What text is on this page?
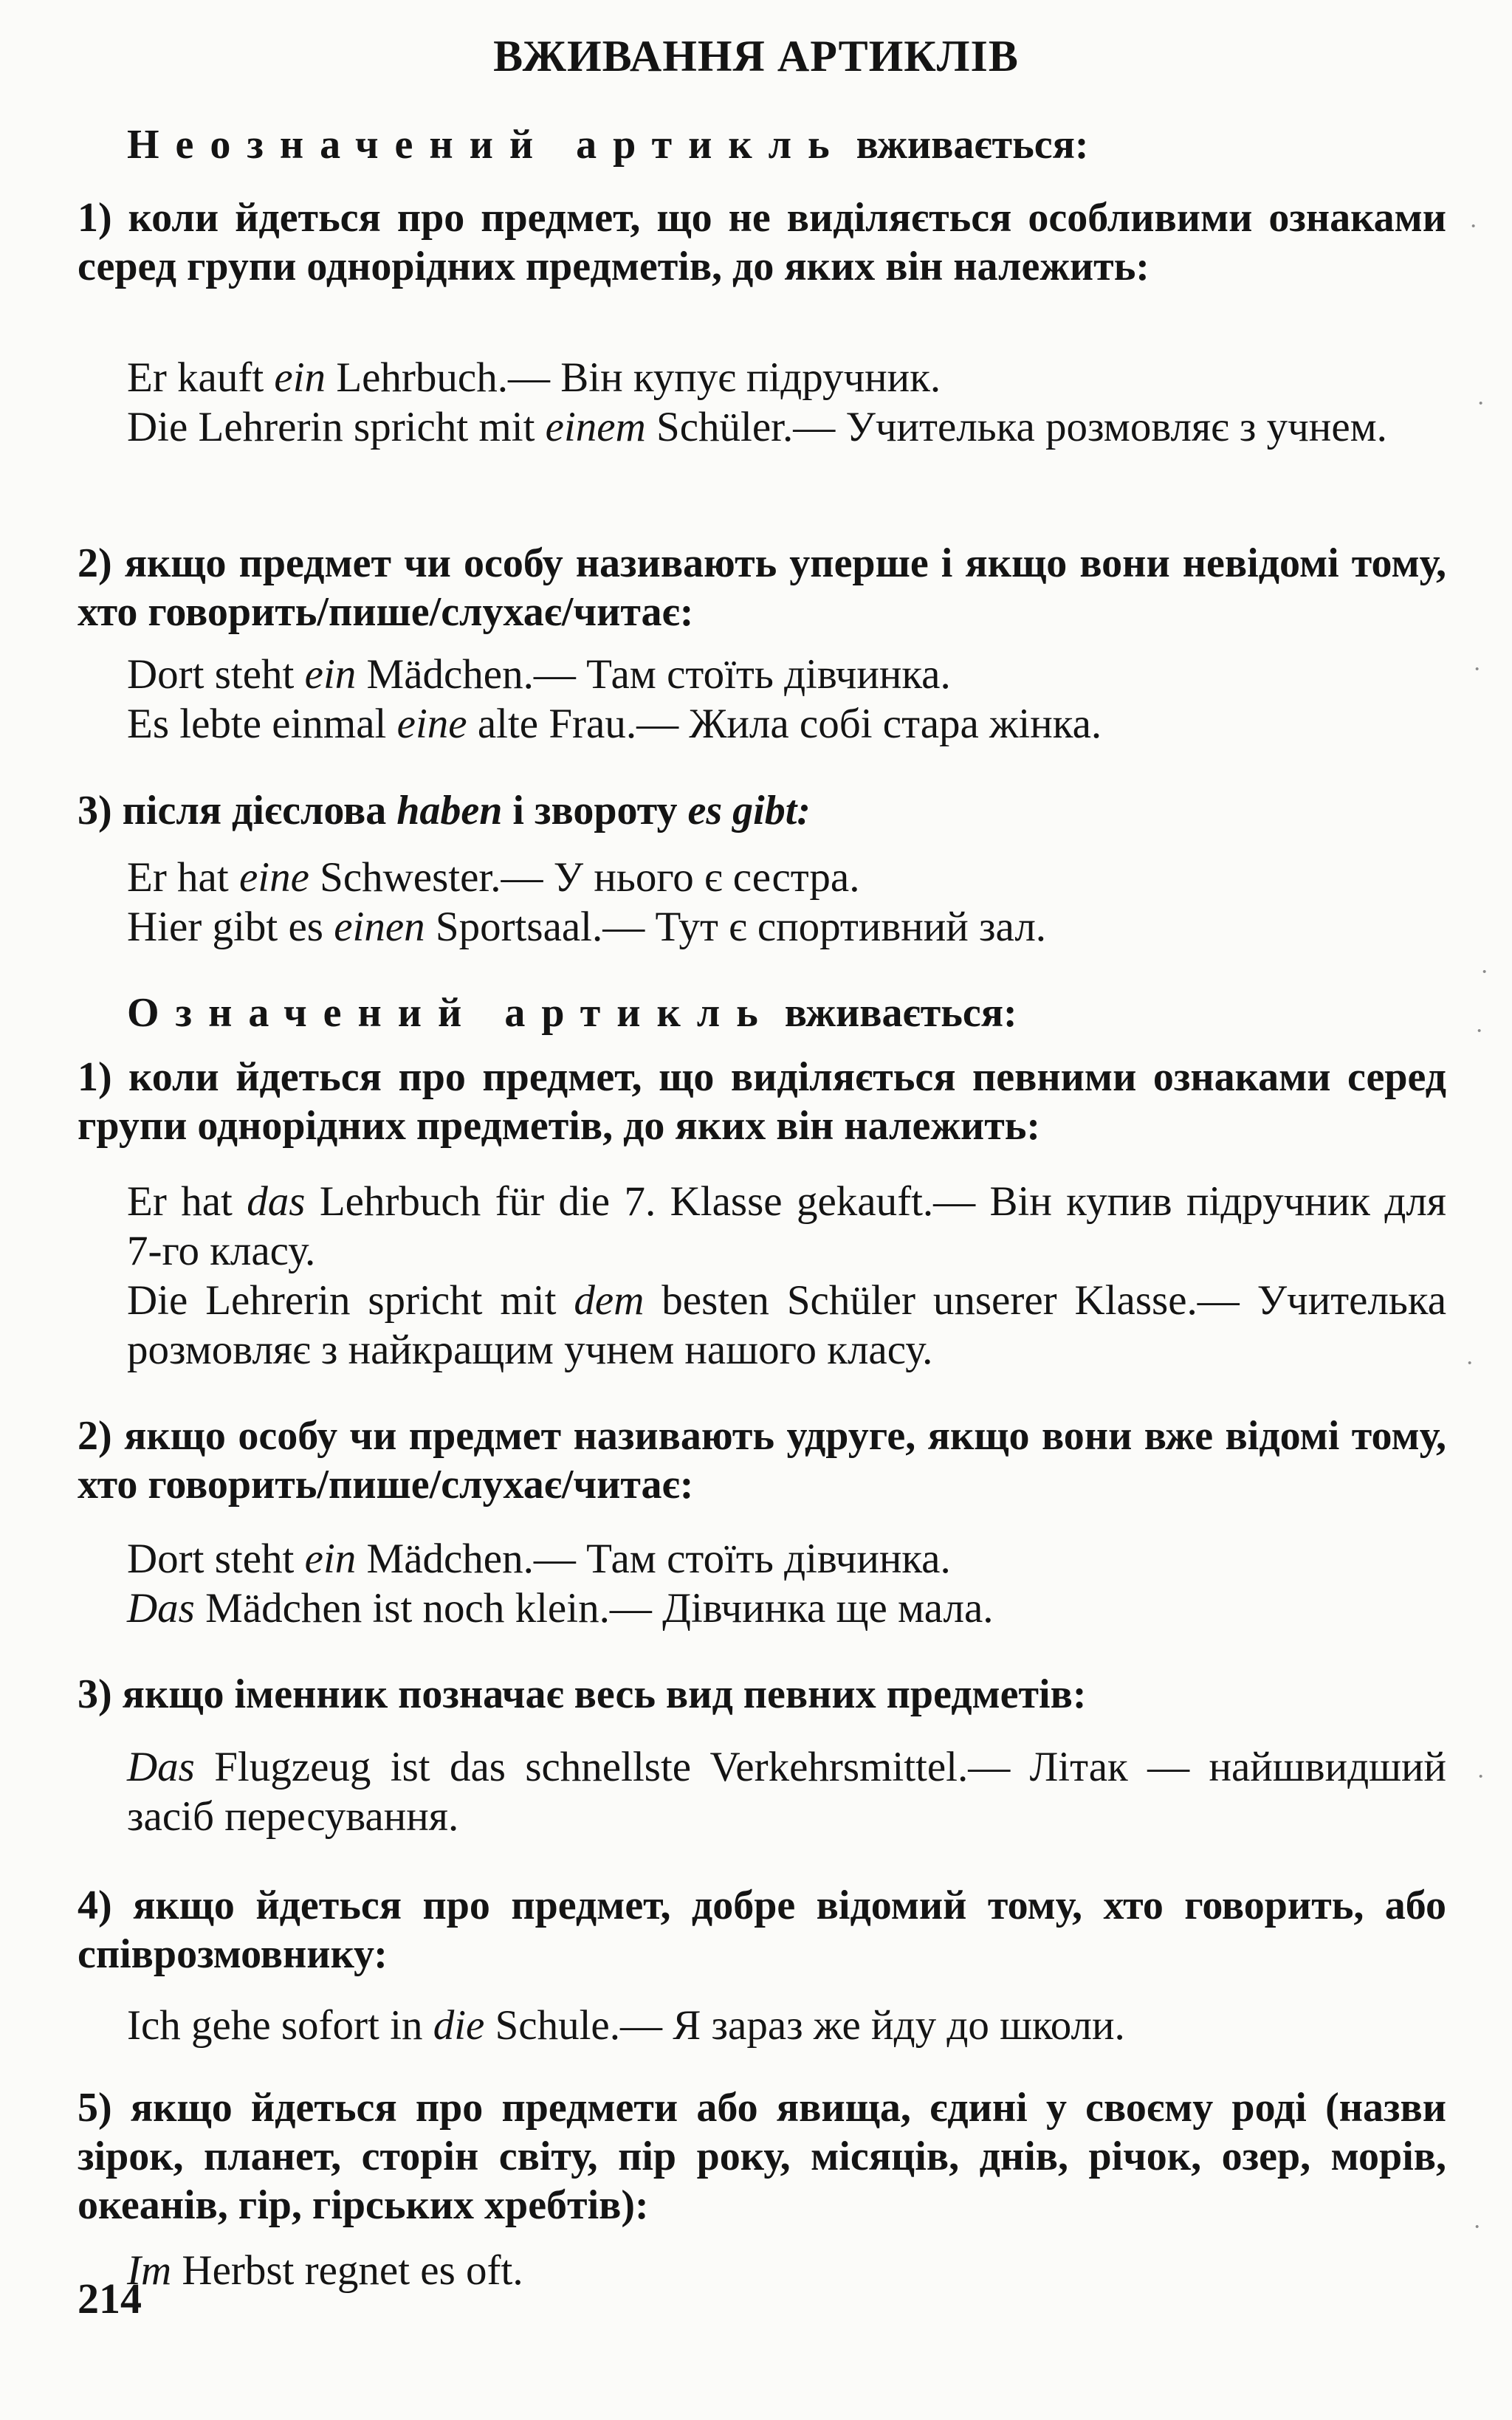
ВЖИВАННЯ АРТИКЛІВ

Неозначений артикль вживається:

1) коли йдеться про предмет, що не виділяється особливими ознаками серед групи однорідних предметів, до яких він належить:

Er kauft ein Lehrbuch.— Він купує підручник.
Die Lehrerin spricht mit einem Schüler.— Учителька розмовляє з учнем.

2) якщо предмет чи особу називають уперше і якщо вони невідомі тому, хто говорить/пише/слухає/читає:

Dort steht ein Mädchen.— Там стоїть дівчинка.
Es lebte einmal eine alte Frau.— Жила собі стара жінка.

3) після дієслова haben і звороту es gibt:

Er hat eine Schwester.— У нього є сестра.
Hier gibt es einen Sportsaal.— Тут є спортивний зал.

Означений артикль вживається:

1) коли йдеться про предмет, що виділяється певними ознаками серед групи однорідних предметів, до яких він належить:

Er hat das Lehrbuch für die 7. Klasse gekauft.— Він купив підручник для 7-го класу.
Die Lehrerin spricht mit dem besten Schüler unserer Klasse.— Учителька розмовляє з найкращим учнем нашого класу.

2) якщо особу чи предмет називають удруге, якщо вони вже відомі тому, хто говорить/пише/слухає/читає:

Dort steht ein Mädchen.— Там стоїть дівчинка.
Das Mädchen ist noch klein.— Дівчинка ще мала.

3) якщо іменник позначає весь вид певних предметів:

Das Flugzeug ist das schnellste Verkehrsmittel.— Літак — найшвидший засіб пересування.

4) якщо йдеться про предмет, добре відомий тому, хто говорить, або співрозмовнику:

Ich gehe sofort in die Schule.— Я зараз же йду до школи.

5) якщо йдеться про предмети або явища, єдині у своєму роді (назви зірок, планет, сторін світу, пір року, місяців, днів, річок, озер, морів, океанів, гір, гірських хребтів):

Im Herbst regnet es oft.

214

·
·
·
·
·
·
·
·
